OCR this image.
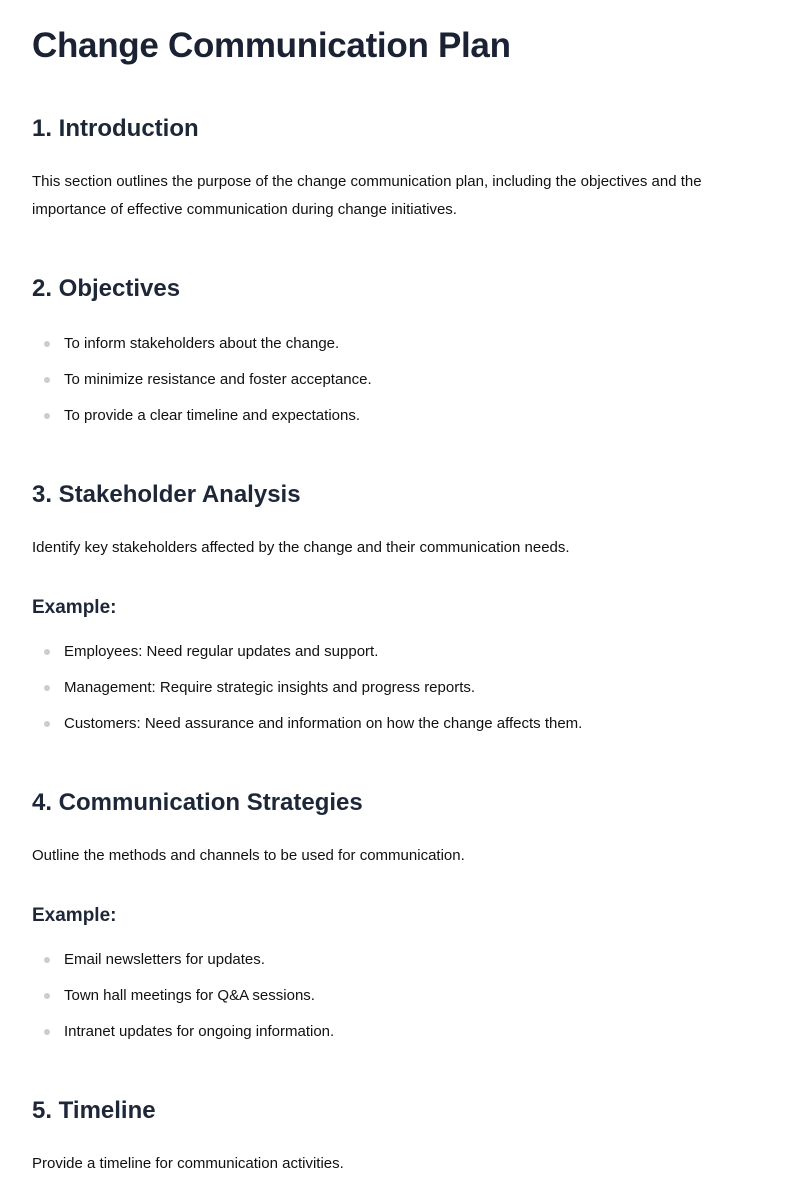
Change Communication Plan
1. Introduction

This section outlines the purpose of the change communication plan, including the objectives and the importance of effective communication during change initiatives.

2. Objectives
To inform stakeholders about the change.
To minimize resistance and foster acceptance.
To provide a clear timeline and expectations.
3. Stakeholder Analysis

Identify key stakeholders affected by the change and their communication needs.

Example:
Employees: Need regular updates and support.
Management: Require strategic insights and progress reports.
Customers: Need assurance and information on how the change affects them.
4. Communication Strategies

Outline the methods and channels to be used for communication.

Example:
Email newsletters for updates.
Town hall meetings for Q&A sessions.
Intranet updates for ongoing information.
5. Timeline

Provide a timeline for communication activities.
